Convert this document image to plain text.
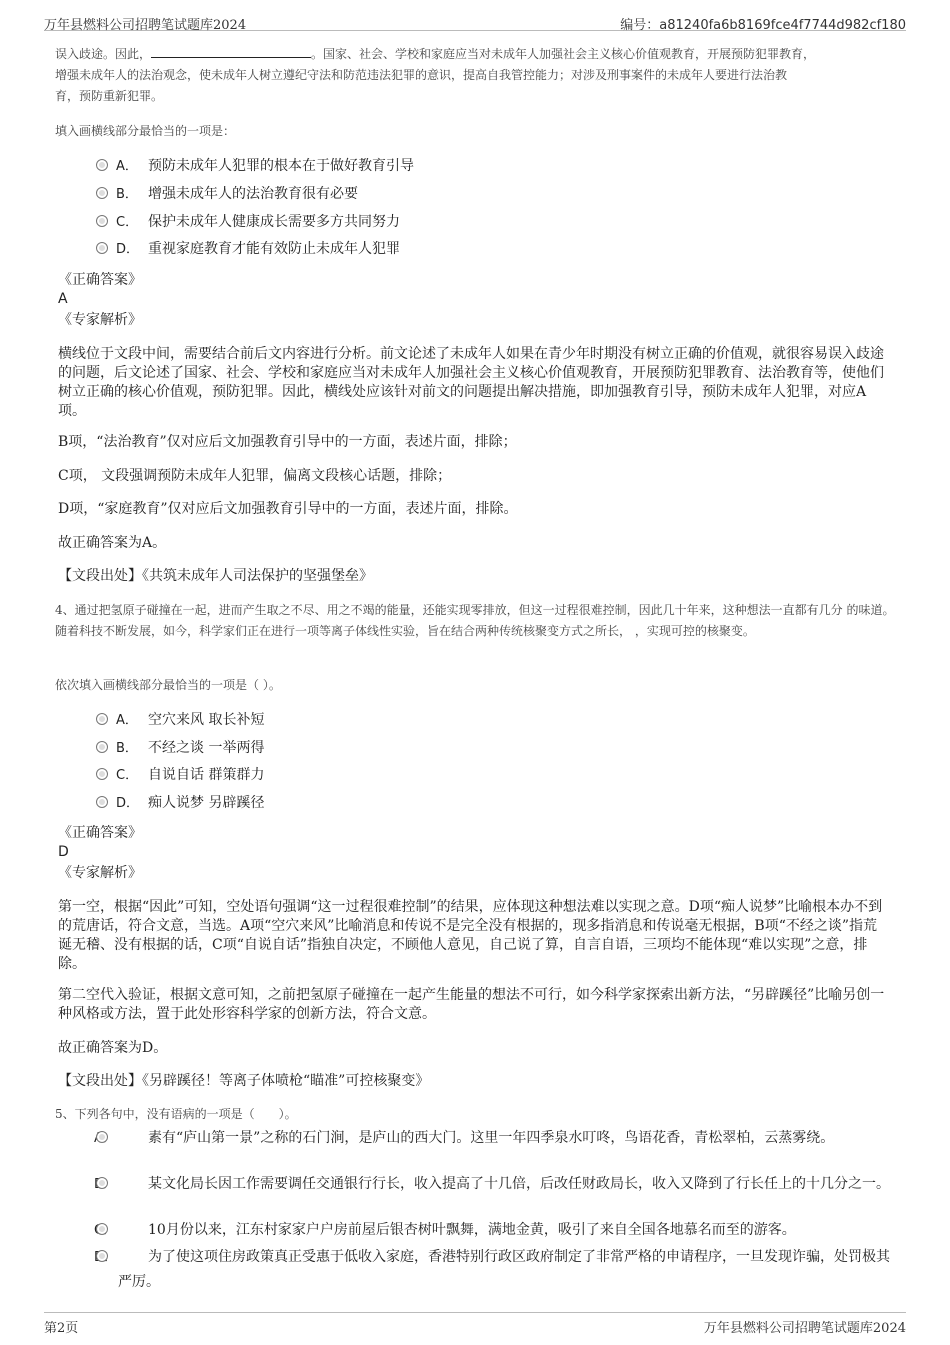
万年县燃料公司招聘笔试题库2024	编号：a81240fa6b8169fce4f7744d982cf180
误入歧途。因此，	。国家、社会、学校和家庭应当对未成年人加强社会主义核心价值观教育，开展预防犯罪教育，
增强未成年人的法治观念，使未成年人树立遵纪守法和防范违法犯罪的意识，提高自我管控能力；对涉及刑事案件的未成年人要进行法治教
育，预防重新犯罪。
填入画横线部分最恰当的一项是：
A． 预防未成年人犯罪的根本在于做好教育引导
B． 增强未成年人的法治教育很有必要
C． 保护未成年人健康成长需要多方共同努力
D． 重视家庭教育才能有效防止未成年人犯罪
《正确答案》
A
《专家解析》
横线位于文段中间，需要结合前后文内容进行分析。前文论述了未成年人如果在青少年时期没有树立正确的价值观，就很容易误入歧途的问题，后文论述了国家、社会、学校和家庭应当对未成年人加强社会主义核心价值观教育，开展预防犯罪教育、法治教育等，使他们树立正确的核心价值观，预防犯罪。因此，横线处应该针对前文的问题提出解决措施，即加强教育引导，预防未成年人犯罪，对应A项。
B项，“法治教育”仅对应后文加强教育引导中的一方面，表述片面，排除；
C项， 文段强调预防未成年人犯罪，偏离文段核心话题，排除；
D项，“家庭教育”仅对应后文加强教育引导中的一方面，表述片面，排除。
故正确答案为A。
【文段出处】《共筑未成年人司法保护的坚强堡垒》
4、通过把氢原子碰撞在一起，进而产生取之不尽、用之不竭的能量，还能实现零排放，但这一过程很难控制，因此几十年来，这种想法一直都有几分 的味道。随着科技不断发展，如今，科学家们正在进行一项等离子体线性实验，旨在结合两种传统核聚变方式之所长， ，实现可控的核聚变。
依次填入画横线部分最恰当的一项是（ ）。
A． 空穴来风 取长补短
B． 不经之谈 一举两得
C． 自说自话 群策群力
D． 痴人说梦 另辟蹊径
《正确答案》
D
《专家解析》
第一空，根据“因此”可知，空处语句强调“这一过程很难控制”的结果，应体现这种想法难以实现之意。D项“痴人说梦”比喻根本办不到的荒唐话，符合文意，当选。A项“空穴来风”比喻消息和传说不是完全没有根据的，现多指消息和传说毫无根据，B项“不经之谈”指荒诞无稽、没有根据的话，C项“自说自话”指独自决定，不顾他人意见，自己说了算，自言自语，三项均不能体现“难以实现”之意，排除。
第二空代入验证，根据文意可知，之前把氢原子碰撞在一起产生能量的想法不可行，如今科学家探索出新方法，“另辟蹊径”比喻另创一种风格或方法，置于此处形容科学家的创新方法，符合文意。
故正确答案为D。
【文段出处】《另辟蹊径！等离子体喷枪“瞄准”可控核聚变》
5、下列各句中，没有语病的一项是（　　）。
A． 素有“庐山第一景”之称的石门涧，是庐山的西大门。这里一年四季泉水叮咚，鸟语花香，青松翠柏，云蒸雾绕。
B． 某文化局长因工作需要调任交通银行行长，收入提高了十几倍，后改任财政局长，收入又降到了行长任上的十几分之一。
C． 10月份以来，江东村家家户户房前屋后银杏树叶飘舞，满地金黄，吸引了来自全国各地慕名而至的游客。
D． 为了使这项住房政策真正受惠于低收入家庭，香港特别行政区政府制定了非常严格的申请程序，一旦发现诈骗，处罚极其严厉。
第2页	万年县燃料公司招聘笔试题库2024
